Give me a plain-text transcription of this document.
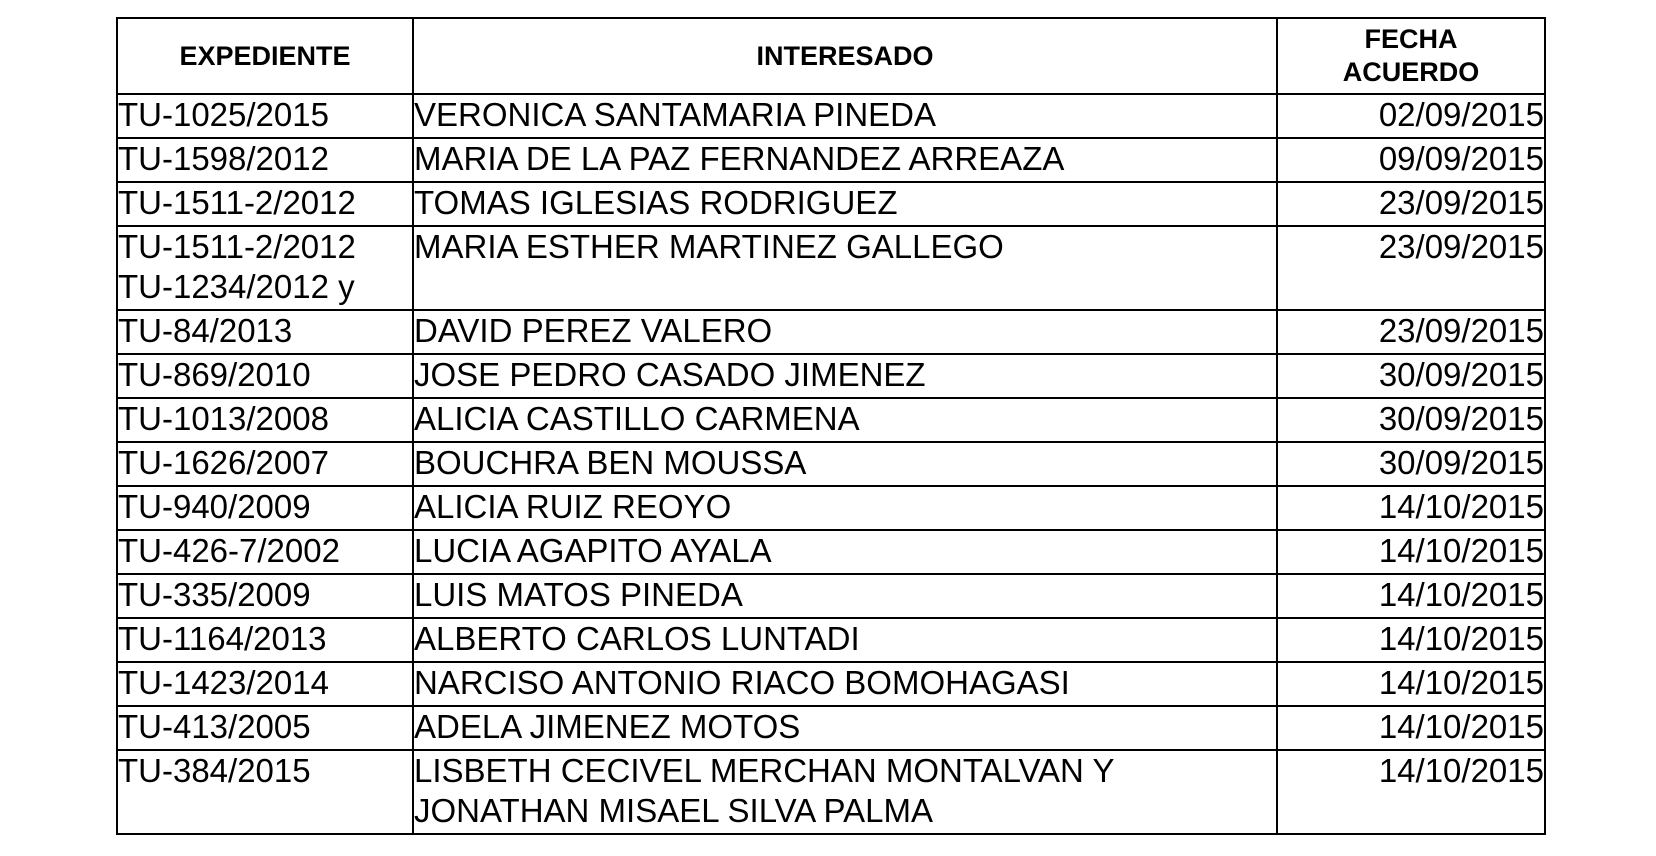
EXPEDIENTE	INTERESADO	FECHA
ACUERDO

TU-1025/2015	VERONICA SANTAMARIA PINEDA	02/09/2015

TU-1598/2012	MARIA DE LA PAZ FERNANDEZ ARREAZA	09/09/2015

TU-1511-2/2012	TOMAS IGLESIAS RODRIGUEZ	23/09/2015

TU-1511-2/2012
TU-1234/2012 y	MARIA ESTHER MARTINEZ GALLEGO	23/09/2015

TU-84/2013	DAVID PEREZ VALERO	23/09/2015

TU-869/2010	JOSE PEDRO CASADO JIMENEZ	30/09/2015

TU-1013/2008	ALICIA CASTILLO CARMENA	30/09/2015

TU-1626/2007	BOUCHRA BEN MOUSSA	30/09/2015

TU-940/2009	ALICIA RUIZ REOYO	14/10/2015

TU-426-7/2002	LUCIA AGAPITO AYALA	14/10/2015

TU-335/2009	LUIS MATOS PINEDA	14/10/2015

TU-1164/2013	ALBERTO CARLOS LUNTADI	14/10/2015

TU-1423/2014	NARCISO ANTONIO RIACO BOMOHAGASI	14/10/2015

TU-413/2005	ADELA JIMENEZ MOTOS	14/10/2015

TU-384/2015	LISBETH CECIVEL MERCHAN MONTALVAN Y
JONATHAN MISAEL SILVA PALMA	14/10/2015
